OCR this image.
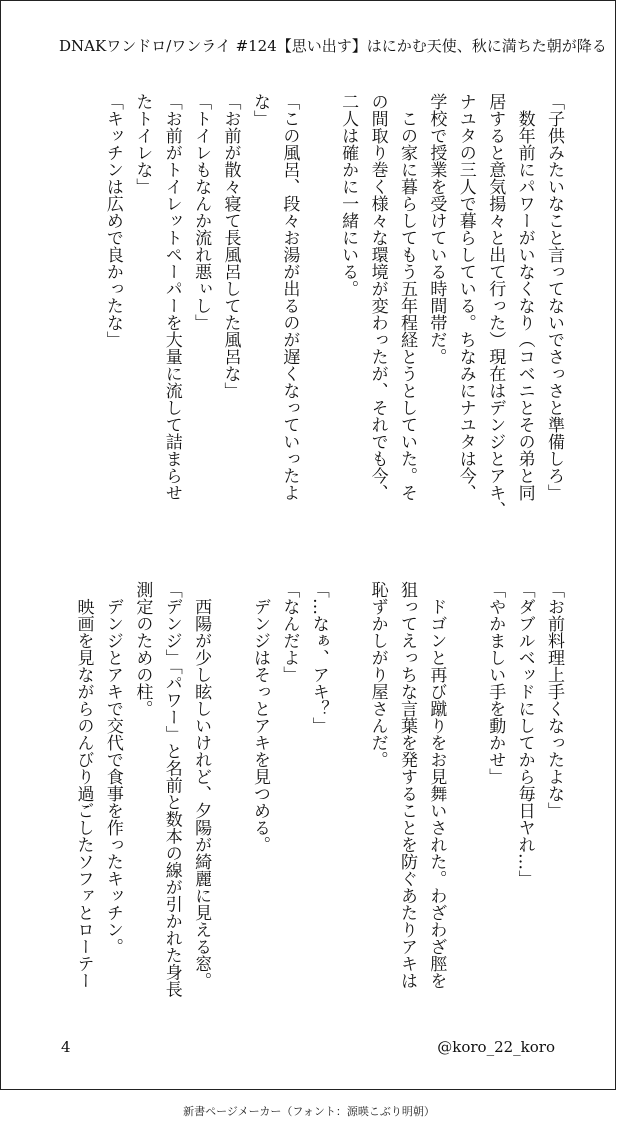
DNAKワンドロ/ワンライ #124【思い出す】はにかむ天使、秋に満ちた朝が降る
「子供みたいなこと言ってないでさっさと準備しろ」
　数年前にパワーがいなくなり（コベニとその弟と同
居すると意気揚々と出て行った）現在はデンジとアキ、
ナユタの三人で暮らしている。ちなみにナユタは今、
学校で授業を受けている時間帯だ。
　この家に暮らしてもう五年程経とうとしていた。そ
の間取り巻く様々な環境が変わったが、それでも今、
二人は確かに一緒にいる。
「この風呂、段々お湯が出るのが遅くなっていったよ
な」
「お前が散々寝て長風呂してた風呂な」
「トイレもなんか流れ悪ぃし」
「お前がトイレットペーパーを大量に流して詰まらせ
たトイレな」
「キッチンは広めで良かったな」
「お前料理上手くなったよな」
「ダブルベッドにしてから毎日ヤれ…」
「やかましい手を動かせ」
　ドゴンと再び蹴りをお見舞いされた。わざわざ脛を
狙ってえっちな言葉を発することを防ぐあたりアキは
恥ずかしがり屋さんだ。
「…なぁ、アキ？」
「なんだよ」
　デンジはそっとアキを見つめる。
　西陽が少し眩しいけれど、夕陽が綺麗に見える窓。
「デンジ」「パワー」と名前と数本の線が引かれた身長
測定のための柱。
　デンジとアキで交代で食事を作ったキッチン。
　映画を見ながらのんびり過ごしたソファとローテー
4	@koro_22_koro
新書ページメーカー（フォント：源暎こぶり明朝）
